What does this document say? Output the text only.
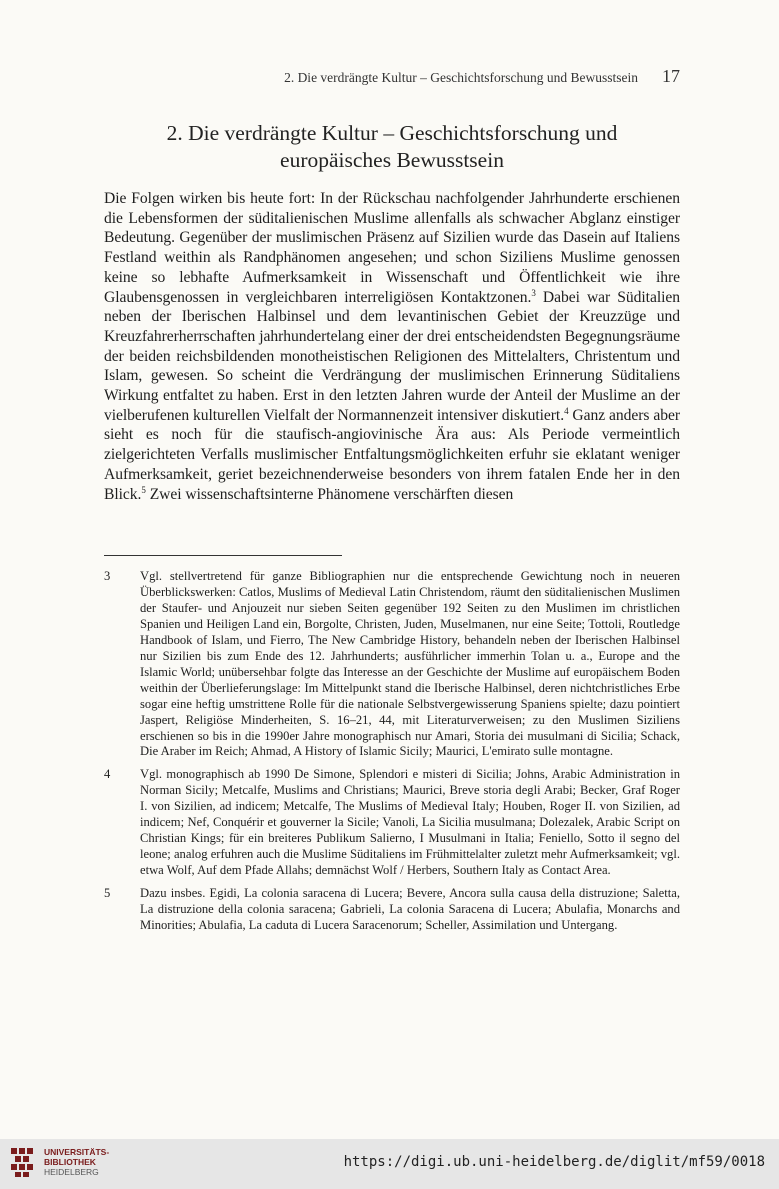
2. Die verdrängte Kultur – Geschichtsforschung und Bewusstsein 17
2. Die verdrängte Kultur – Geschichtsforschung und
europäisches Bewusstsein

Die Folgen wirken bis heute fort: In der Rückschau nachfolgender Jahrhunderte erschienen die Lebensformen der süditalienischen Muslime allenfalls als schwacher Abglanz einstiger Bedeutung. Gegenüber der muslimischen Präsenz auf Sizilien wurde das Dasein auf Italiens Festland weithin als Randphänomen angesehen; und schon Siziliens Muslime genossen keine so lebhafte Aufmerksamkeit in Wissenschaft und Öffentlichkeit wie ihre Glaubensgenossen in vergleichbaren interreligiösen Kontaktzonen.$^3$ Dabei war Süditalien neben der Iberischen Halbinsel und dem levantinischen Gebiet der Kreuzzüge und Kreuzfahrerherrschaften jahrhundertelang einer der drei entscheidendsten Begegnungsräume der beiden reichsbildenden monotheistischen Religionen des Mittelalters, Christentum und Islam, gewesen. So scheint die Verdrängung der muslimischen Erinnerung Süditaliens Wirkung entfaltet zu haben. Erst in den letzten Jahren wurde der Anteil der Muslime an der vielberufenen kulturellen Vielfalt der Normannenzeit intensiver diskutiert.$^4$ Ganz anders aber sieht es noch für die staufisch-angiovinische Ära aus: Als Periode vermeintlich zielgerichteten Verfalls muslimischer Entfaltungsmöglichkeiten erfuhr sie eklatant weniger Aufmerksamkeit, geriet bezeichnenderweise besonders von ihrem fatalen Ende her in den Blick.$^5$ Zwei wissenschaftsinterne Phänomene verschärften diesen

3	Vgl. stellvertretend für ganze Bibliographien nur die entsprechende Gewichtung noch in neueren Überblickswerken: Catlos, Muslims of Medieval Latin Christendom, räumt den süditalienischen Muslimen der Staufer- und Anjouzeit nur sieben Seiten gegenüber 192 Seiten zu den Muslimen im christlichen Spanien und Heiligen Land ein, Borgolte, Christen, Juden, Muselmanen, nur eine Seite; Tottoli, Routledge Handbook of Islam, und Fierro, The New Cambridge History, behandeln neben der Iberischen Halbinsel nur Sizilien bis zum Ende des 12. Jahrhunderts; ausführlicher immerhin Tolan u. a., Europe and the Islamic World; unübersehbar folgte das Interesse an der Geschichte der Muslime auf europäischem Boden weithin der Überlieferungslage: Im Mittelpunkt stand die Iberische Halbinsel, deren nichtchristliches Erbe sogar eine heftig umstrittene Rolle für die nationale Selbstvergewisserung Spaniens spielte; dazu pointiert Jaspert, Religiöse Minderheiten, S. 16–21, 44, mit Literaturverweisen; zu den Muslimen Siziliens erschienen so bis in die 1990er Jahre monographisch nur Amari, Storia dei musulmani di Sicilia; Schack, Die Araber im Reich; Ahmad, A History of Islamic Sicily; Maurici, L'emirato sulle montagne.
4	Vgl. monographisch ab 1990 De Simone, Splendori e misteri di Sicilia; Johns, Arabic Administration in Norman Sicily; Metcalfe, Muslims and Christians; Maurici, Breve storia degli Arabi; Becker, Graf Roger I. von Sizilien, ad indicem; Metcalfe, The Muslims of Medieval Italy; Houben, Roger II. von Sizilien, ad indicem; Nef, Conquérir et gouverner la Sicile; Vanoli, La Sicilia musulmana; Dolezalek, Arabic Script on Christian Kings; für ein breiteres Publikum Salierno, I Musulmani in Italia; Feniello, Sotto il segno del leone; analog erfuhren auch die Muslime Süditaliens im Frühmittelalter zuletzt mehr Aufmerksamkeit; vgl. etwa Wolf, Auf dem Pfade Allahs; demnächst Wolf / Herbers, Southern Italy as Contact Area.
5	Dazu insbes. Egidi, La colonia saracena di Lucera; Bevere, Ancora sulla causa della distruzione; Saletta, La distruzione della colonia saracena; Gabrieli, La colonia Saracena di Lucera; Abulafia, Monarchs and Minorities; Abulafia, La caduta di Lucera Saracenorum; Scheller, Assimilation und Untergang.
UNIVERSITÄTS-
BIBLIOTHEK
HEIDELBERG
https://digi.ub.uni-heidelberg.de/diglit/mf59/0018
